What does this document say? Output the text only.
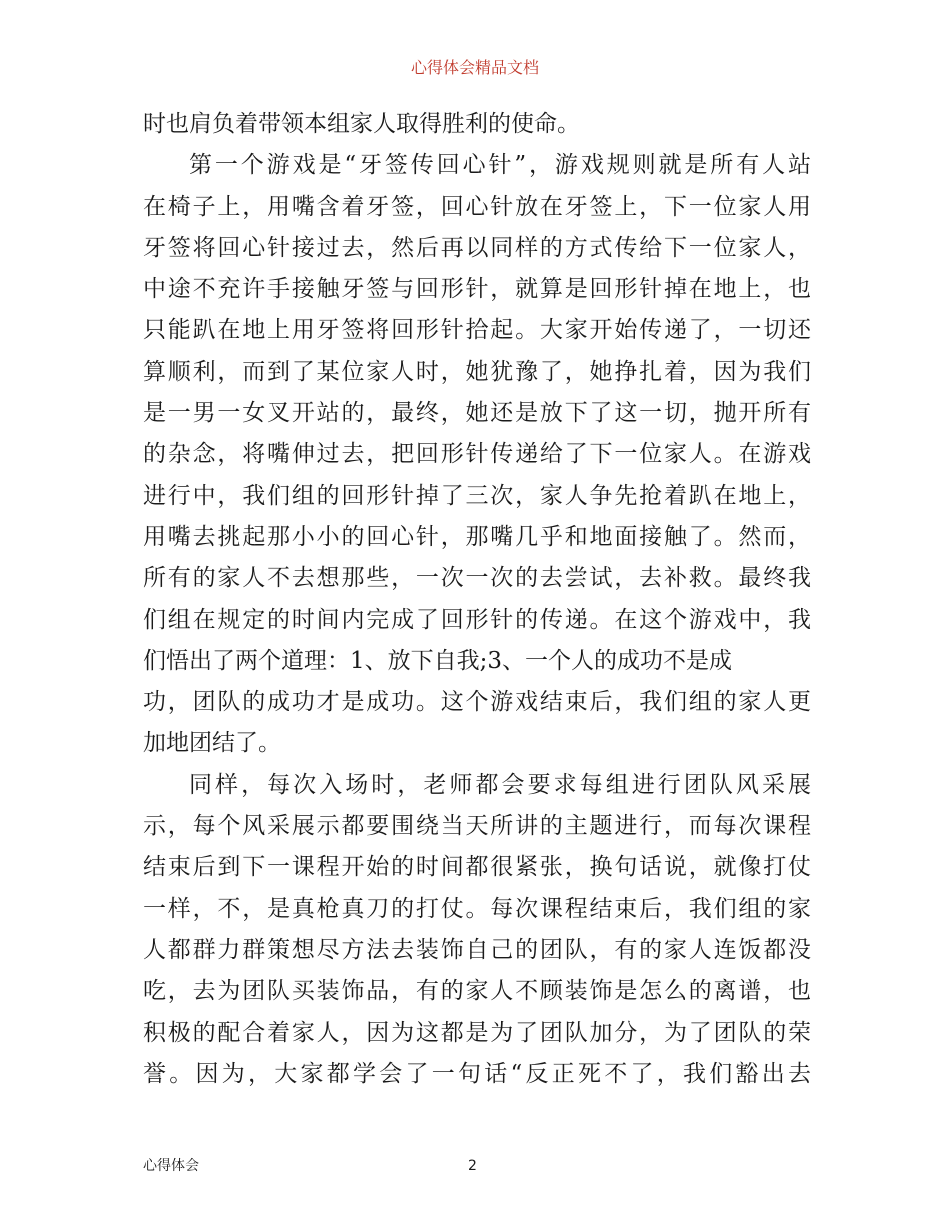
心得体会精品文档
时也肩负着带领本组家人取得胜利的使命。
第一个游戏是“牙签传回心针”，游戏规则就是所有人站
在椅子上，用嘴含着牙签，回心针放在牙签上，下一位家人用
牙签将回心针接过去，然后再以同样的方式传给下一位家人，
中途不充许手接触牙签与回形针，就算是回形针掉在地上，也
只能趴在地上用牙签将回形针拾起。大家开始传递了，一切还
算顺利，而到了某位家人时，她犹豫了，她挣扎着，因为我们
是一男一女叉开站的，最终，她还是放下了这一切，抛开所有
的杂念，将嘴伸过去，把回形针传递给了下一位家人。在游戏
进行中，我们组的回形针掉了三次，家人争先抢着趴在地上，
用嘴去挑起那小小的回心针，那嘴几乎和地面接触了。然而，
所有的家人不去想那些，一次一次的去尝试，去补救。最终我
们组在规定的时间内完成了回形针的传递。在这个游戏中，我
们悟出了两个道理：1、放下自我;3、一个人的成功不是成
功，团队的成功才是成功。这个游戏结束后，我们组的家人更
加地团结了。
同样，每次入场时，老师都会要求每组进行团队风采展
示，每个风采展示都要围绕当天所讲的主题进行，而每次课程
结束后到下一课程开始的时间都很紧张，换句话说，就像打仗
一样，不，是真枪真刀的打仗。每次课程结束后，我们组的家
人都群力群策想尽方法去装饰自己的团队，有的家人连饭都没
吃，去为团队买装饰品，有的家人不顾装饰是怎么的离谱，也
积极的配合着家人，因为这都是为了团队加分，为了团队的荣
誉。因为，大家都学会了一句话“反正死不了，我们豁出去
心得体会	2
